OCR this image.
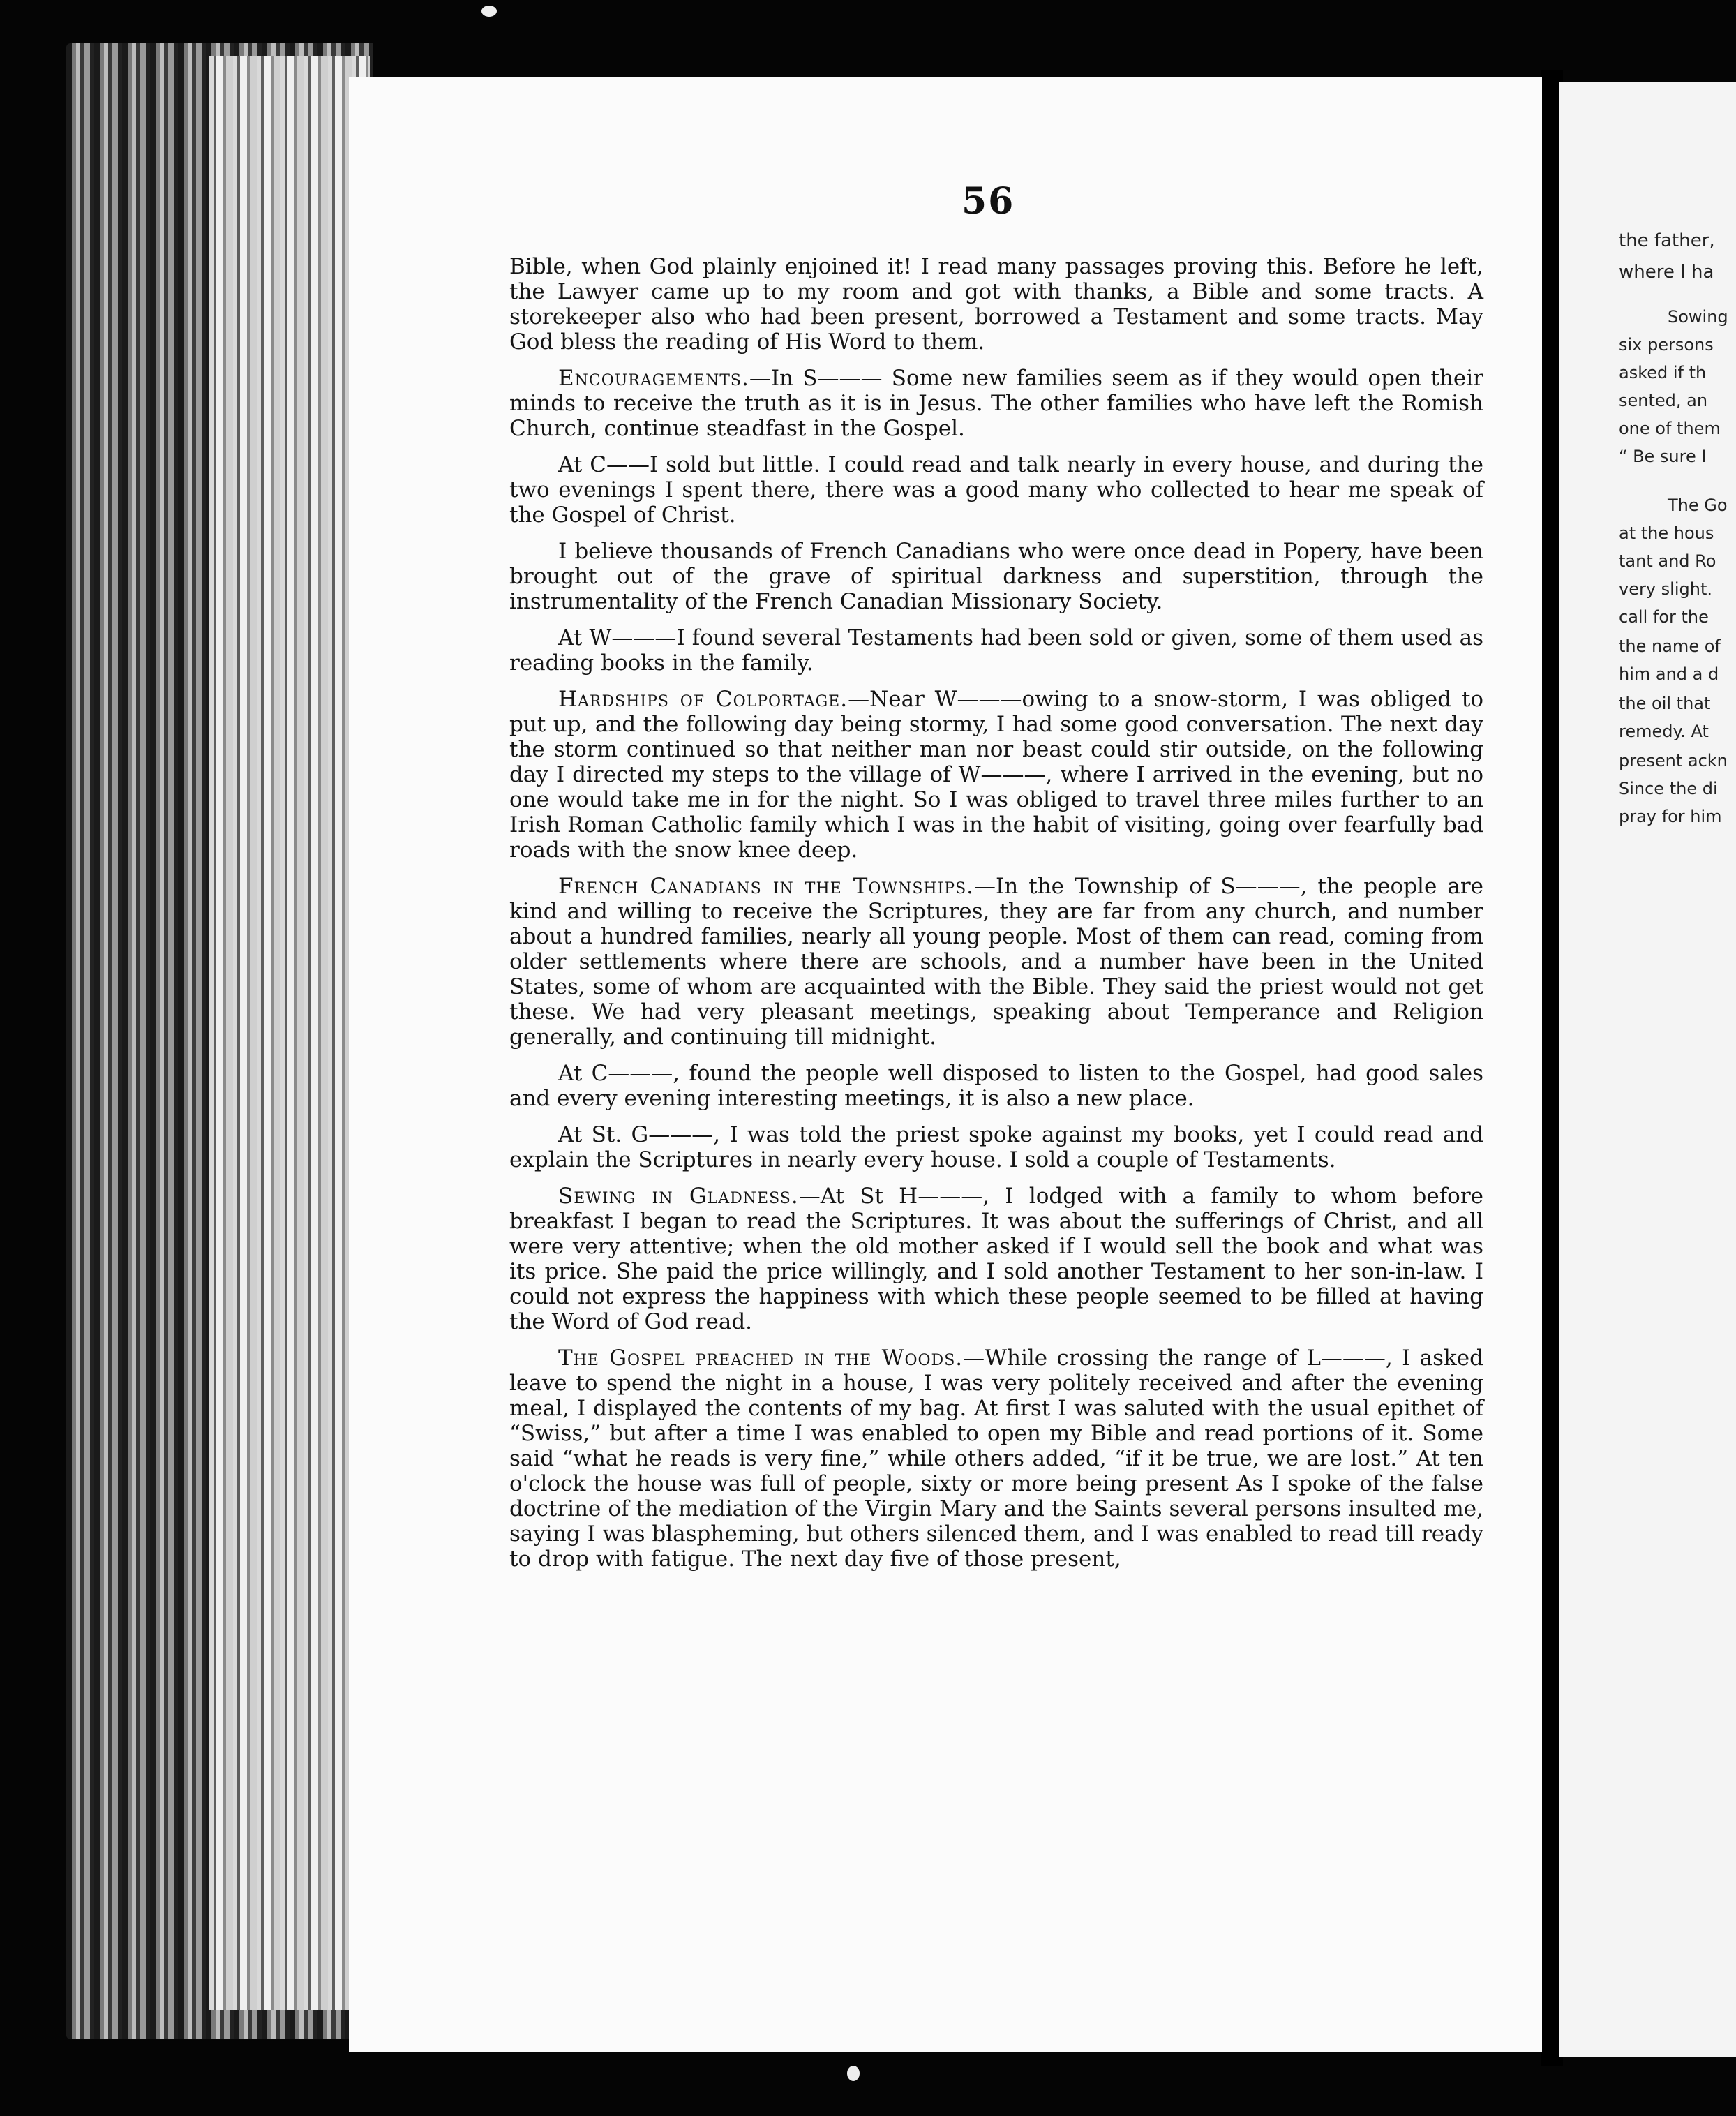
56

Bible, when God plainly enjoined it! I read many passages proving this. Before he left, the Lawyer came up to my room and got with thanks, a Bible and some tracts. A storekeeper also who had been present, borrowed a Testament and some tracts. May God bless the reading of His Word to them.

Encouragements.—In S——— Some new families seem as if they would open their minds to receive the truth as it is in Jesus. The other families who have left the Romish Church, continue steadfast in the Gospel.

At C——I sold but little. I could read and talk nearly in every house, and during the two evenings I spent there, there was a good many who collected to hear me speak of the Gospel of Christ.

I believe thousands of French Canadians who were once dead in Popery, have been brought out of the grave of spiritual darkness and superstition, through the instrumentality of the French Canadian Missionary Society.

At W———I found several Testaments had been sold or given, some of them used as reading books in the family.

Hardships of Colportage.—Near W———owing to a snow-storm, I was obliged to put up, and the following day being stormy, I had some good conversation. The next day the storm continued so that neither man nor beast could stir outside, on the following day I directed my steps to the village of W———, where I arrived in the evening, but no one would take me in for the night. So I was obliged to travel three miles further to an Irish Roman Catholic family which I was in the habit of visiting, going over fearfully bad roads with the snow knee deep.

French Canadians in the Townships.—In the Township of S———, the people are kind and willing to receive the Scriptures, they are far from any church, and number about a hundred families, nearly all young people. Most of them can read, coming from older settlements where there are schools, and a number have been in the United States, some of whom are acquainted with the Bible. They said the priest would not get these. We had very pleasant meetings, speaking about Temperance and Religion generally, and continuing till midnight.

At C———, found the people well disposed to listen to the Gospel, had good sales and every evening interesting meetings, it is also a new place.

At St. G———, I was told the priest spoke against my books, yet I could read and explain the Scriptures in nearly every house. I sold a couple of Testaments.

Sewing in Gladness.—At St H———, I lodged with a family to whom before breakfast I began to read the Scriptures. It was about the sufferings of Christ, and all were very attentive; when the old mother asked if I would sell the book and what was its price. She paid the price willingly, and I sold another Testament to her son-in-law. I could not express the happiness with which these people seemed to be filled at having the Word of God read.

The Gospel preached in the Woods.—While crossing the range of L———, I asked leave to spend the night in a house, I was very politely received and after the evening meal, I displayed the contents of my bag. At first I was saluted with the usual epithet of “Swiss,” but after a time I was enabled to open my Bible and read portions of it. Some said “what he reads is very fine,” while others added, “if it be true, we are lost.” At ten o'clock the house was full of people, sixty or more being present As I spoke of the false doctrine of the mediation of the Virgin Mary and the Saints several persons insulted me, saying I was blaspheming, but others silenced them, and I was enabled to read till ready to drop with fatigue. The next day five of those present,

the father,
where I ha
Sowing
six persons
asked if th
sented, an
one of them
“ Be sure I
The Go
at the hous
tant and Ro
very slight.
call for the
the name of
him and a d
the oil that
remedy. At
present ackn
Since the di
pray for him
